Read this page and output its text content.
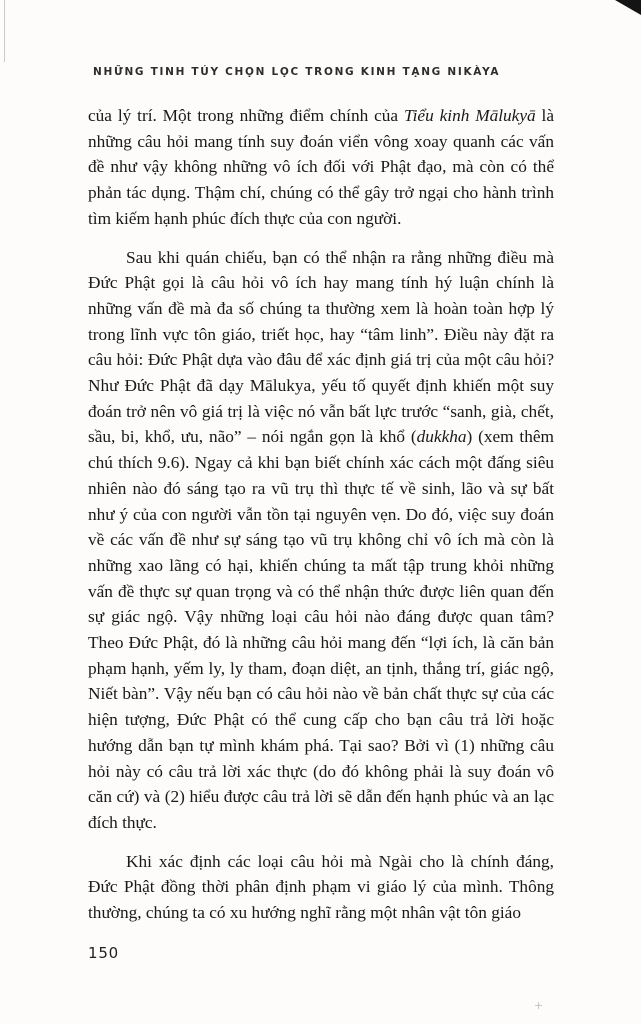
NHỮNG TINH TÚY CHỌN LỌC TRONG KINH TẠNG NIKÀYA

của lý trí. Một trong những điểm chính của Tiểu kinh Mālukyā là những câu hỏi mang tính suy đoán viển vông xoay quanh các vấn đề như vậy không những vô ích đối với Phật đạo, mà còn có thể phản tác dụng. Thậm chí, chúng có thể gây trở ngại cho hành trình tìm kiếm hạnh phúc đích thực của con người.

Sau khi quán chiếu, bạn có thể nhận ra rằng những điều mà Đức Phật gọi là câu hỏi vô ích hay mang tính hý luận chính là những vấn đề mà đa số chúng ta thường xem là hoàn toàn hợp lý trong lĩnh vực tôn giáo, triết học, hay “tâm linh”. Điều này đặt ra câu hỏi: Đức Phật dựa vào đâu để xác định giá trị của một câu hỏi? Như Đức Phật đã dạy Mālukya, yếu tố quyết định khiến một suy đoán trở nên vô giá trị là việc nó vẫn bất lực trước “sanh, già, chết, sầu, bi, khổ, ưu, não” – nói ngắn gọn là khổ (dukkha) (xem thêm chú thích 9.6). Ngay cả khi bạn biết chính xác cách một đấng siêu nhiên nào đó sáng tạo ra vũ trụ thì thực tế về sinh, lão và sự bất như ý của con người vẫn tồn tại nguyên vẹn. Do đó, việc suy đoán về các vấn đề như sự sáng tạo vũ trụ không chỉ vô ích mà còn là những xao lãng có hại, khiến chúng ta mất tập trung khỏi những vấn đề thực sự quan trọng và có thể nhận thức được liên quan đến sự giác ngộ. Vậy những loại câu hỏi nào đáng được quan tâm? Theo Đức Phật, đó là những câu hỏi mang đến “lợi ích, là căn bản phạm hạnh, yếm ly, ly tham, đoạn diệt, an tịnh, thắng trí, giác ngộ, Niết bàn”. Vậy nếu bạn có câu hỏi nào về bản chất thực sự của các hiện tượng, Đức Phật có thể cung cấp cho bạn câu trả lời hoặc hướng dẫn bạn tự mình khám phá. Tại sao? Bởi vì (1) những câu hỏi này có câu trả lời xác thực (do đó không phải là suy đoán vô căn cứ) và (2) hiểu được câu trả lời sẽ dẫn đến hạnh phúc và an lạc đích thực.

Khi xác định các loại câu hỏi mà Ngài cho là chính đáng, Đức Phật đồng thời phân định phạm vi giáo lý của mình. Thông thường, chúng ta có xu hướng nghĩ rằng một nhân vật tôn giáo

150
+
